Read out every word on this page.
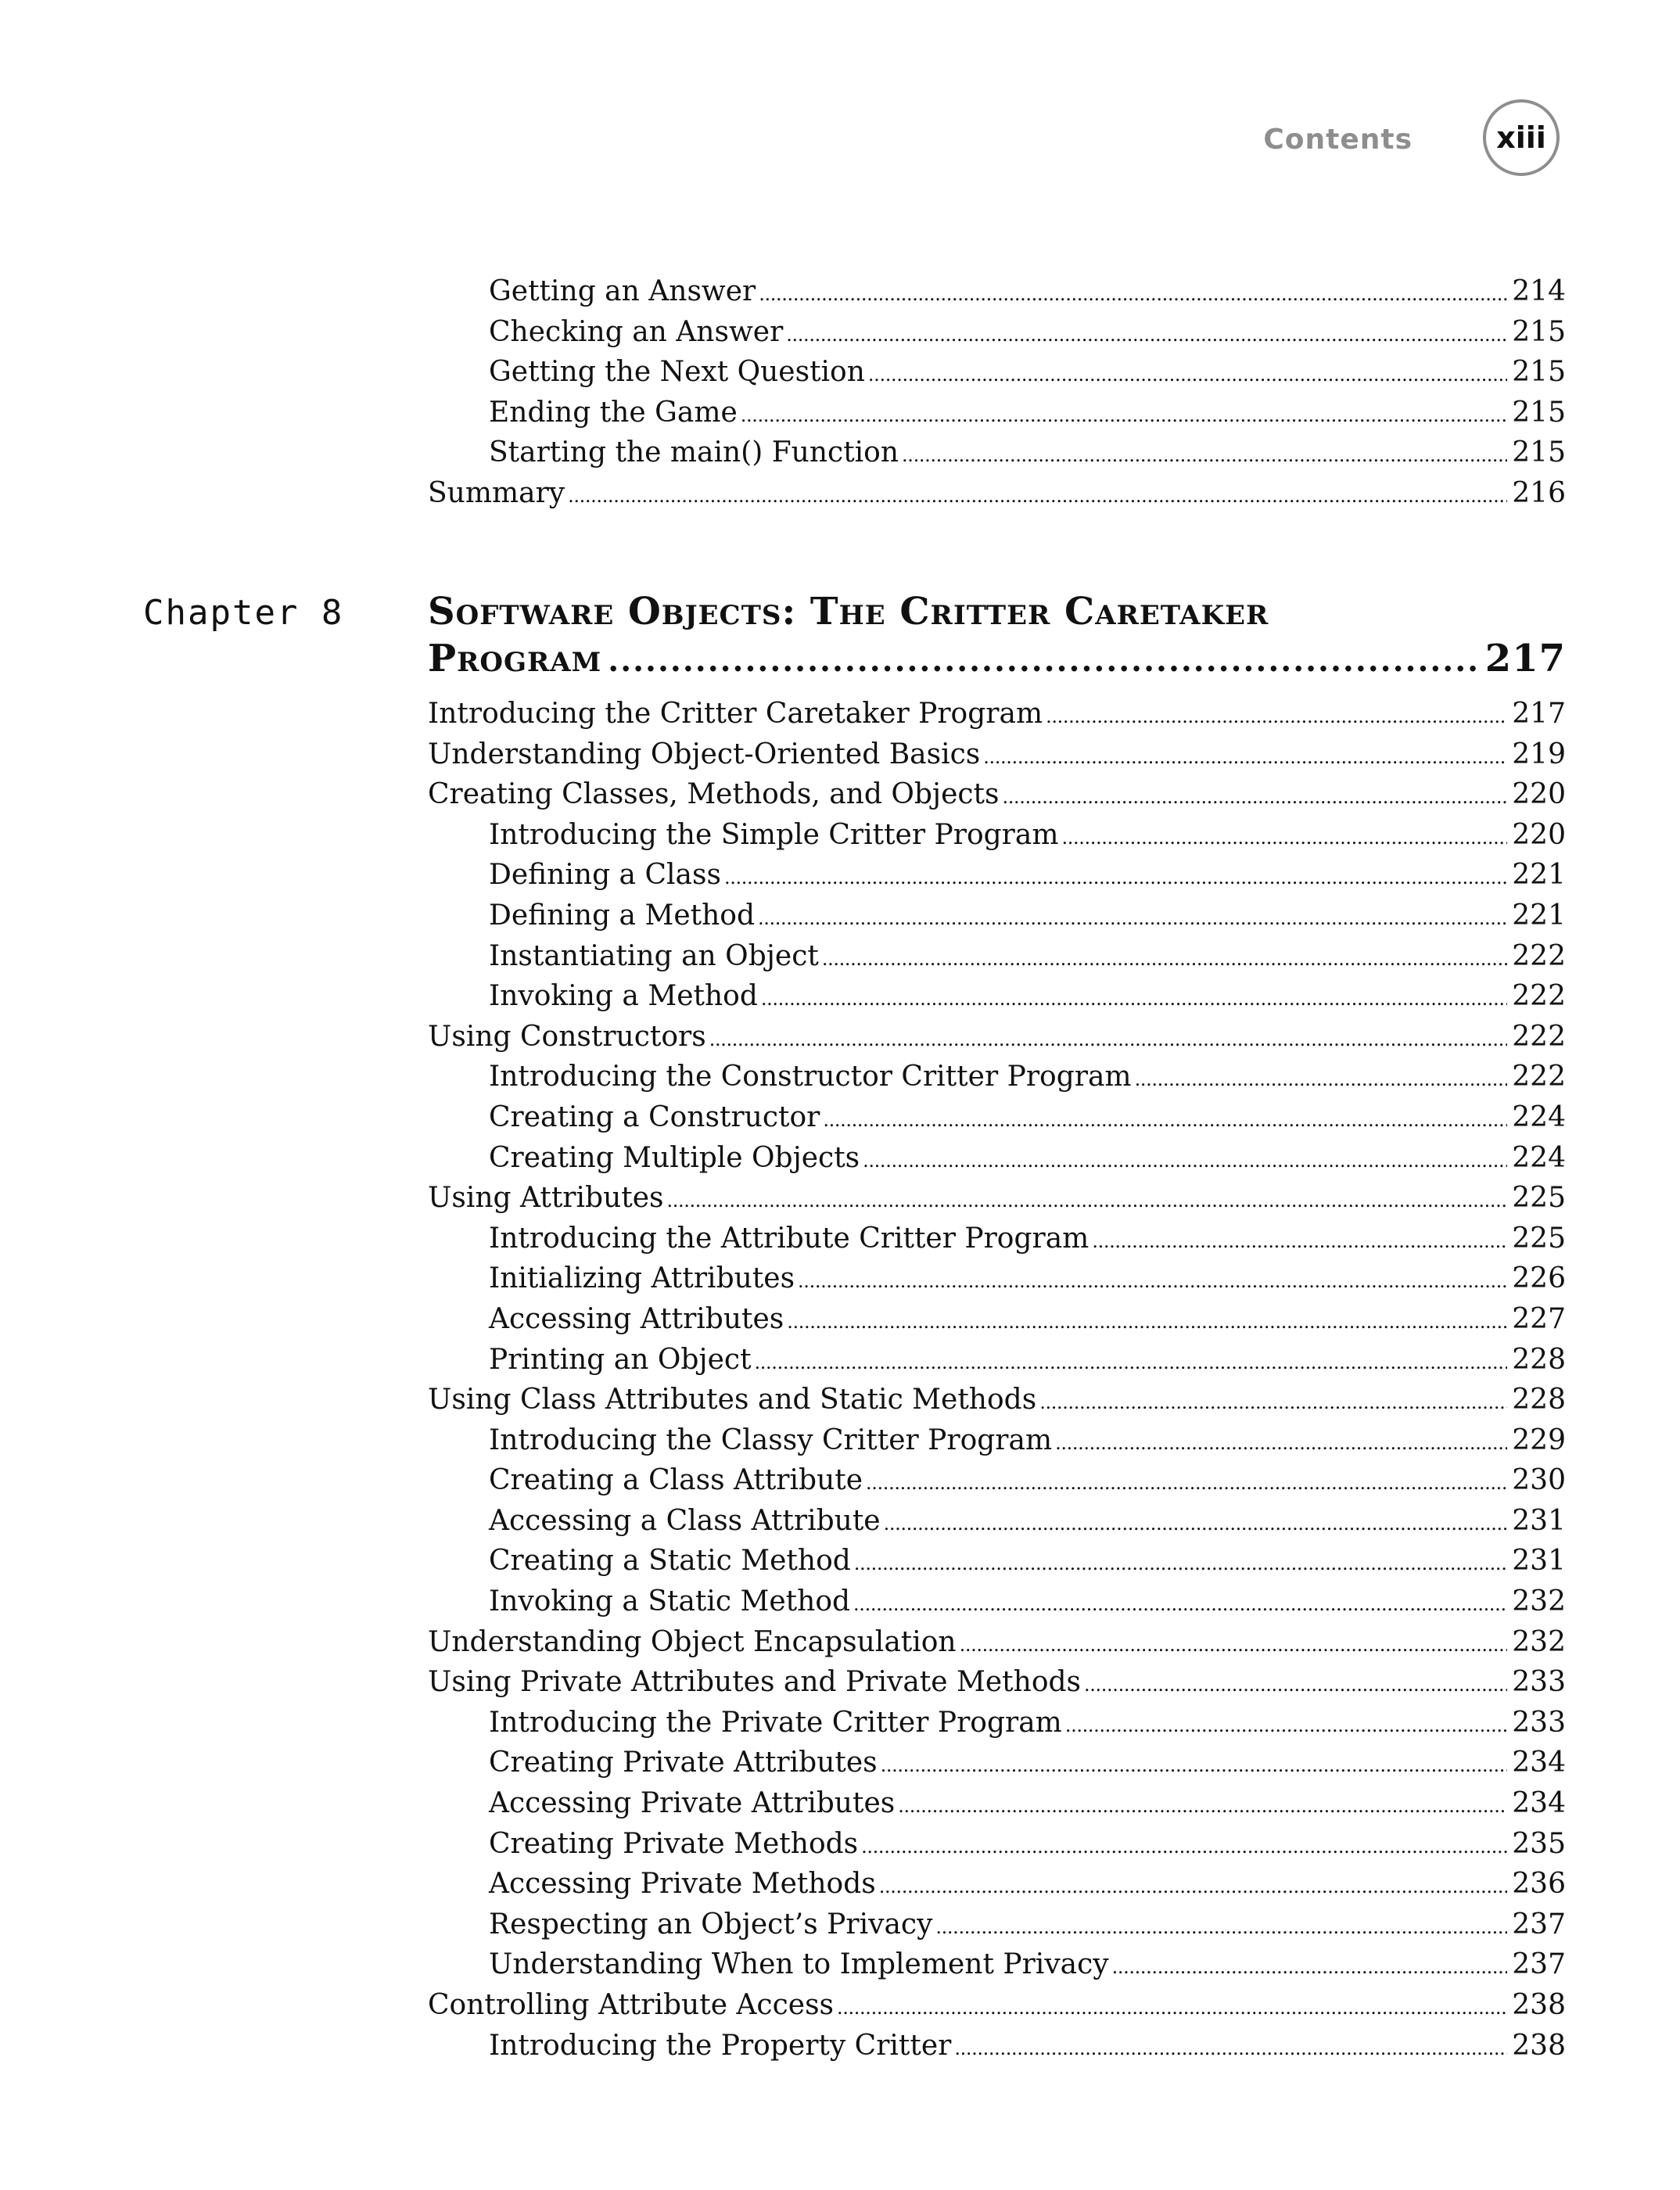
Contents	xiii
Getting an Answer . . .	214
Checking an Answer . . .	215
Getting the Next Question . . .	215
Ending the Game . . .	215
Starting the main() Function . . .	215
Summary . . .	216
Chapter 8 Software Objects: The Critter Caretaker
Program .....	217
Introducing the Critter Caretaker Program . . .	217
Understanding Object-Oriented Basics . . .	219
Creating Classes, Methods, and Objects . . .	220
Introducing the Simple Critter Program . . .	220
Defining a Class . . .	221
Defining a Method . . .	221
Instantiating an Object . . .	222
Invoking a Method . . .	222
Using Constructors . . .	222
Introducing the Constructor Critter Program . . .	222
Creating a Constructor . . .	224
Creating Multiple Objects . . .	224
Using Attributes . . .	225
Introducing the Attribute Critter Program . . .	225
Initializing Attributes . . .	226
Accessing Attributes . . .	227
Printing an Object . . .	228
Using Class Attributes and Static Methods . . .	228
Introducing the Classy Critter Program . . .	229
Creating a Class Attribute . . .	230
Accessing a Class Attribute . . .	231
Creating a Static Method . . .	231
Invoking a Static Method . . .	232
Understanding Object Encapsulation . . .	232
Using Private Attributes and Private Methods . . .	233
Introducing the Private Critter Program . . .	233
Creating Private Attributes . . .	234
Accessing Private Attributes . . .	234
Creating Private Methods . . .	235
Accessing Private Methods . . .	236
Respecting an Object’s Privacy . . .	237
Understanding When to Implement Privacy . . .	237
Controlling Attribute Access . . .	238
Introducing the Property Critter . . .	238
